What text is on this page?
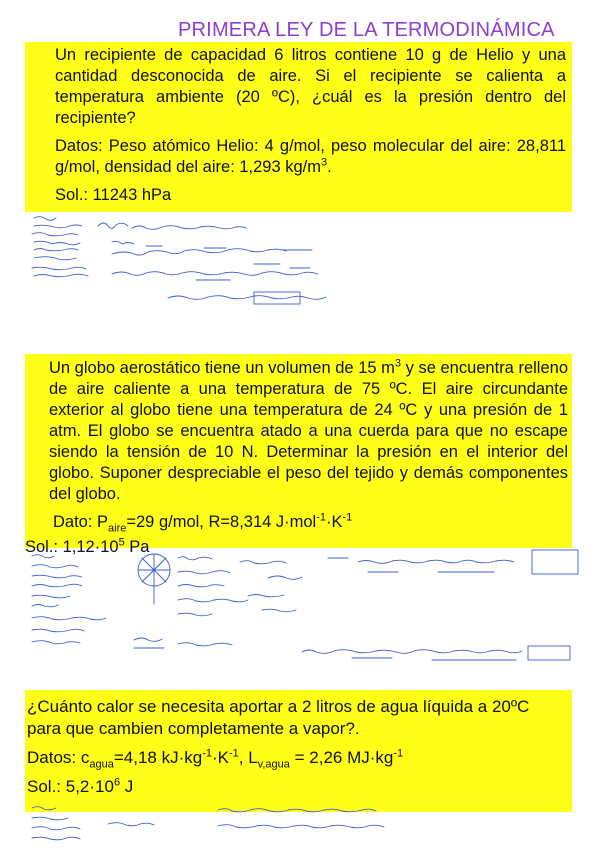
PRIMERA LEY DE LA TERMODINÁMICA

Un recipiente de capacidad 6 litros contiene 10 g de Helio y una cantidad desconocida de aire. Si el recipiente se calienta a temperatura ambiente (20 ºC), ¿cuál es la presión dentro del recipiente?

Datos: Peso atómico Helio: 4 g/mol, peso molecular del aire: 28,811 g/mol, densidad del aire: 1,293 $kg/m^3$.

Sol.: 11243 hPa

Un globo aerostático tiene un volumen de 15 $m^3$ y se encuentra relleno de aire caliente a una temperatura de 75 ºC. El aire circundante exterior al globo tiene una temperatura de 24 ºC y una presión de 1 atm. El globo se encuentra atado a una cuerda para que no escape siendo la tensión de 10 N. Determinar la presión en el interior del globo. Suponer despreciable el peso del tejido y demás componentes del globo.

Dato: $P_{aire}=29$ g/mol, R=8,314 $J\cdot mol^{-1}\cdot K^{-1}$

Sol.: $1,12\cdot 10^5$ Pa

¿Cuánto calor se necesita aportar a 2 litros de agua líquida a 20ºC para que cambien completamente a vapor?.

Datos: $c_{agua}=4,18$ $kJ\cdot kg^{-1}\cdot K^{-1}$, $L_{v,agua} = 2,26$ $MJ\cdot kg^{-1}$

Sol.: $5,2\cdot 10^6$ J
